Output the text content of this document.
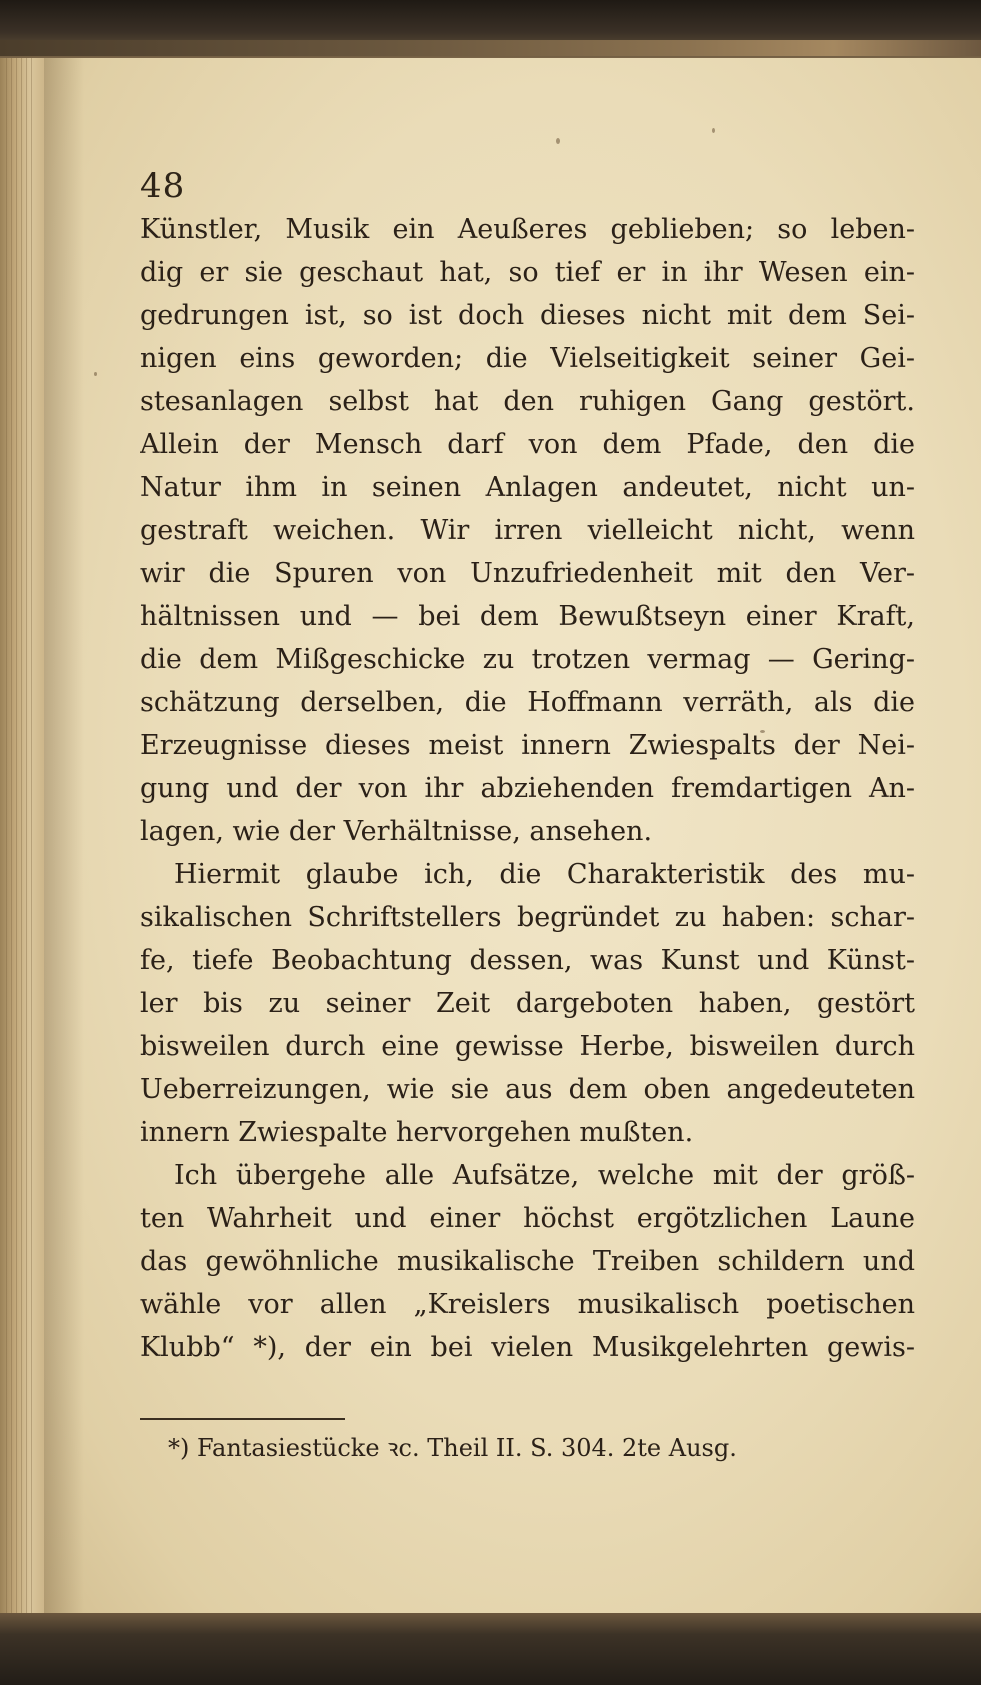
48
Künstler, Musik ein Aeußeres geblieben; so leben-
dig er sie geschaut hat, so tief er in ihr Wesen ein-
gedrungen ist, so ist doch dieses nicht mit dem Sei-
nigen eins geworden; die Vielseitigkeit seiner Gei-
stesanlagen selbst hat den ruhigen Gang gestört.
Allein der Mensch darf von dem Pfade, den die
Natur ihm in seinen Anlagen andeutet, nicht un-
gestraft weichen. Wir irren vielleicht nicht, wenn
wir die Spuren von Unzufriedenheit mit den Ver-
hältnissen und — bei dem Bewußtseyn einer Kraft,
die dem Mißgeschicke zu trotzen vermag — Gering-
schätzung derselben, die Hoffmann verräth, als die
Erzeugnisse dieses meist innern Zwiespalts der Nei-
gung und der von ihr abziehenden fremdartigen An-
lagen, wie der Verhältnisse, ansehen.
Hiermit glaube ich, die Charakteristik des mu-
sikalischen Schriftstellers begründet zu haben: schar-
fe, tiefe Beobachtung dessen, was Kunst und Künst-
ler bis zu seiner Zeit dargeboten haben, gestört
bisweilen durch eine gewisse Herbe, bisweilen durch
Ueberreizungen, wie sie aus dem oben angedeuteten
innern Zwiespalte hervorgehen mußten.
Ich übergehe alle Aufsätze, welche mit der größ-
ten Wahrheit und einer höchst ergötzlichen Laune
das gewöhnliche musikalische Treiben schildern und
wähle vor allen „Kreislers musikalisch poetischen
Klubb“ *), der ein bei vielen Musikgelehrten gewis-
*) Fantasiestücke ꝛc. Theil II. S. 304. 2te Ausg.
